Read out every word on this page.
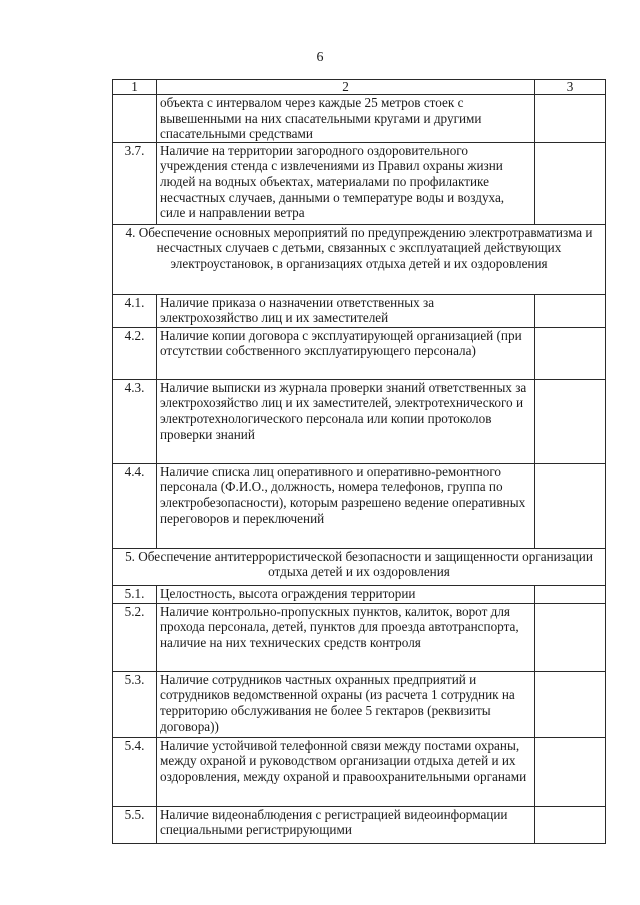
6
1	2	3
	объекта с интервалом через каждые 25 метров стоек с вывешенными на них спасательными кругами и другими спасательными средствами	
3.7.	Наличие на территории загородного оздоровительного учреждения стенда с извлечениями из Правил охраны жизни людей на водных объектах, материалами по профилактике несчастных случаев, данными о температуре воды и воздуха, силе и направлении ветра	
4. Обеспечение основных мероприятий по предупреждению электротравматизма и несчастных случаев с детьми, связанных с эксплуатацией действующих электроустановок, в организациях отдыха детей и их оздоровления		
4.1.	Наличие приказа о назначении ответственных за электрохозяйство лиц и их заместителей	
4.2.	Наличие копии договора с эксплуатирующей организацией (при отсутствии собственного эксплуатирующего персонала)	
4.3.	Наличие выписки из журнала проверки знаний ответственных за электрохозяйство лиц и их заместителей, электротехнического и электротехнологического персонала или копии протоколов проверки знаний	
4.4.	Наличие списка лиц оперативного и оперативно-ремонтного персонала (Ф.И.О., должность, номера телефонов, группа по электробезопасности), которым разрешено ведение оперативных переговоров и переключений	
5. Обеспечение антитеррористической безопасности и защищенности организации отдыха детей и их оздоровления		
5.1.	Целостность, высота ограждения территории	
5.2.	Наличие контрольно-пропускных пунктов, калиток, ворот для прохода персонала, детей, пунктов для проезда автотранспорта, наличие на них технических средств контроля	
5.3.	Наличие сотрудников частных охранных предприятий и сотрудников ведомственной охраны (из расчета 1 сотрудник на территорию обслуживания не более 5 гектаров (реквизиты договора))	
5.4.	Наличие устойчивой телефонной связи между постами охраны, между охраной и руководством организации отдыха детей и их оздоровления, между охраной и правоохранительными органами	
5.5.	Наличие видеонаблюдения с регистрацией видеоинформации специальными регистрирующими	
